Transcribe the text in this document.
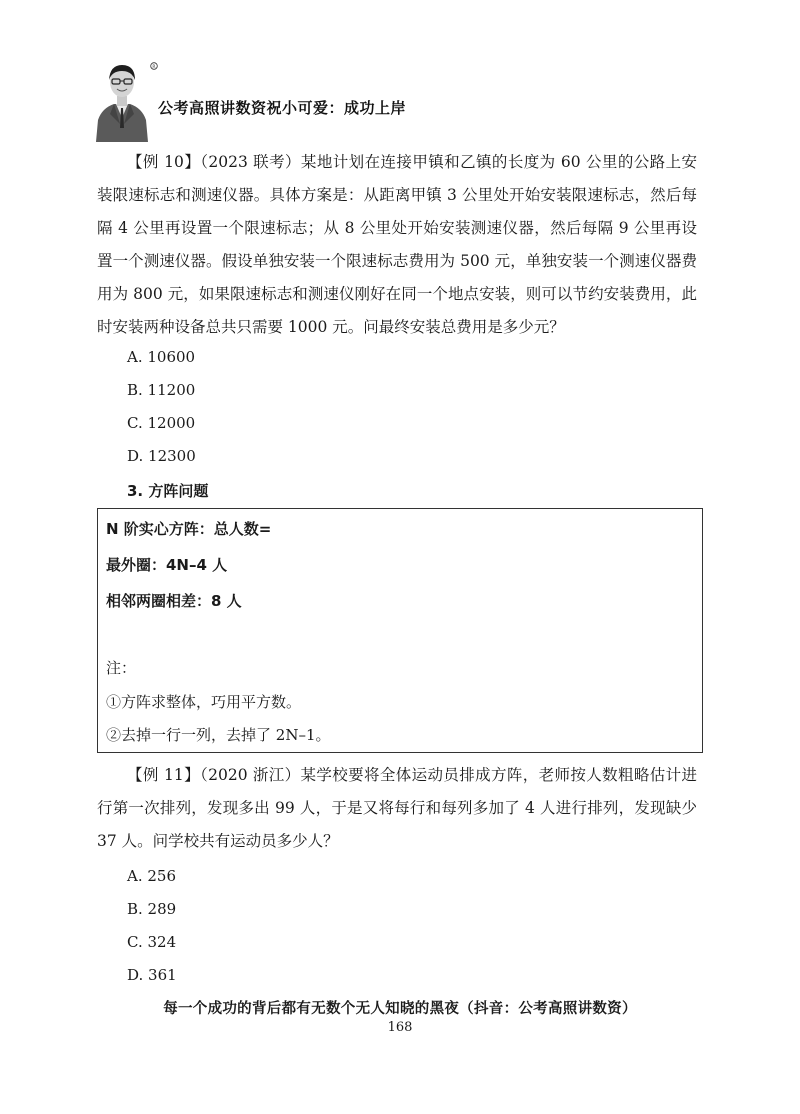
R
公考高照讲数资祝小可爱：成功上岸
【例 10】（2023 联考）某地计划在连接甲镇和乙镇的长度为 60 公里的公路上安装限速标志和测速仪器。具体方案是：从距离甲镇 3 公里处开始安装限速标志，然后每隔 4 公里再设置一个限速标志；从 8 公里处开始安装测速仪器，然后每隔 9 公里再设置一个测速仪器。假设单独安装一个限速标志费用为 500 元，单独安装一个测速仪器费用为 800 元，如果限速标志和测速仪刚好在同一个地点安装，则可以节约安装费用，此时安装两种设备总共只需要 1000 元。问最终安装总费用是多少元？
A. 10600
B. 11200
C. 12000
D. 12300
3. 方阵问题
N 阶实心方阵：总人数=
最外圈：4N–4 人
相邻两圈相差：8 人
注：
①方阵求整体，巧用平方数。
②去掉一行一列，去掉了 2N–1。
【例 11】（2020 浙江）某学校要将全体运动员排成方阵，老师按人数粗略估计进行第一次排列，发现多出 99 人，于是又将每行和每列多加了 4 人进行排列，发现缺少 37 人。问学校共有运动员多少人？
A. 256
B. 289
C. 324
D. 361
每一个成功的背后都有无数个无人知晓的黑夜（抖音：公考高照讲数资）
168
